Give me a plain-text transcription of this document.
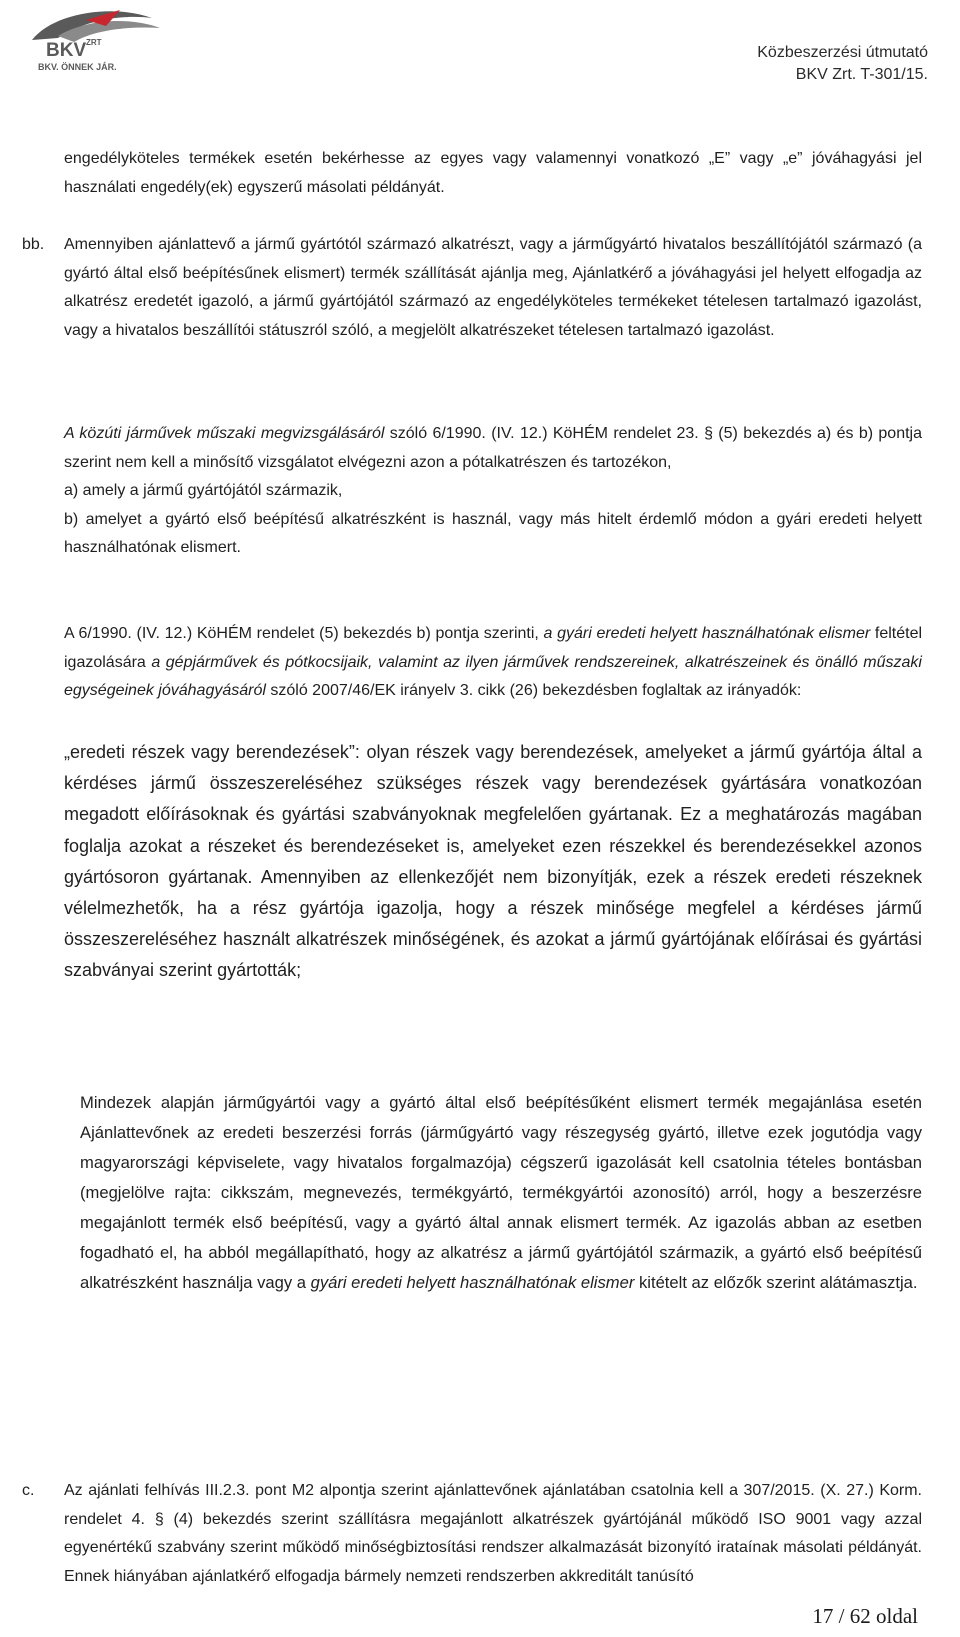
BKV ZRT
BKV. ÖNNEK JÁR.
Közbeszerzési útmutató
BKV Zrt. T-301/15.

engedélyköteles termékek esetén bekérhesse az egyes vagy valamennyi vonatkozó „E” vagy „e” jóváhagyási jel használati engedély(ek) egyszerű másolati példányát.

bb. Amennyiben ajánlattevő a jármű gyártótól származó alkatrészt, vagy a járműgyártó hivatalos beszállítójától származó (a gyártó által első beépítésűnek elismert) termék szállítását ajánlja meg, Ajánlatkérő a jóváhagyási jel helyett elfogadja az alkatrész eredetét igazoló, a jármű gyártójától származó az engedélyköteles termékeket tételesen tartalmazó igazolást, vagy a hivatalos beszállítói státuszról szóló, a megjelölt alkatrészeket tételesen tartalmazó igazolást.

A közúti járművek műszaki megvizsgálásáról szóló 6/1990. (IV. 12.) KöHÉM rendelet 23. § (5) bekezdés a) és b) pontja szerint nem kell a minősítő vizsgálatot elvégezni azon a pótalkatrészen és tartozékon,

a) amely a jármű gyártójától származik,

b) amelyet a gyártó első beépítésű alkatrészként is használ, vagy más hitelt érdemlő módon a gyári eredeti helyett használhatónak elismert.

A 6/1990. (IV. 12.) KöHÉM rendelet (5) bekezdés b) pontja szerinti, a gyári eredeti helyett használhatónak elismer feltétel igazolására a gépjárművek és pótkocsijaik, valamint az ilyen járművek rendszereinek, alkatrészeinek és önálló műszaki egységeinek jóváhagyásáról szóló 2007/46/EK irányelv 3. cikk (26) bekezdésben foglaltak az irányadók:

„eredeti részek vagy berendezések”: olyan részek vagy berendezések, amelyeket a jármű gyártója által a kérdéses jármű összeszereléséhez szükséges részek vagy berendezések gyártására vonatkozóan megadott előírásoknak és gyártási szabványoknak megfelelően gyártanak. Ez a meghatározás magában foglalja azokat a részeket és berendezéseket is, amelyeket ezen részekkel és berendezésekkel azonos gyártósoron gyártanak. Amennyiben az ellenkezőjét nem bizonyítják, ezek a részek eredeti részeknek vélelmezhetők, ha a rész gyártója igazolja, hogy a részek minősége megfelel a kérdéses jármű összeszereléséhez használt alkatrészek minőségének, és azokat a jármű gyártójának előírásai és gyártási szabványai szerint gyártották;

Mindezek alapján járműgyártói vagy a gyártó által első beépítésűként elismert termék megajánlása esetén Ajánlattevőnek az eredeti beszerzési forrás (járműgyártó vagy részegység gyártó, illetve ezek jogutódja vagy magyarországi képviselete, vagy hivatalos forgalmazója) cégszerű igazolását kell csatolnia tételes bontásban (megjelölve rajta: cikkszám, megnevezés, termékgyártó, termékgyártói azonosító) arról, hogy a beszerzésre megajánlott termék első beépítésű, vagy a gyártó által annak elismert termék. Az igazolás abban az esetben fogadható el, ha abból megállapítható, hogy az alkatrész a jármű gyártójától származik, a gyártó első beépítésű alkatrészként használja vagy a gyári eredeti helyett használhatónak elismer kitételt az előzők szerint alátámasztja.

c. Az ajánlati felhívás III.2.3. pont M2 alpontja szerint ajánlattevőnek ajánlatában csatolnia kell a 307/2015. (X. 27.) Korm. rendelet 4. § (4) bekezdés szerint szállításra megajánlott alkatrészek gyártójánál működő ISO 9001 vagy azzal egyenértékű szabvány szerint működő minőségbiztosítási rendszer alkalmazását bizonyító irataínak másolati példányát. Ennek hiányában ajánlatkérő elfogadja bármely nemzeti rendszerben akkreditált tanúsító

17 / 62 oldal
